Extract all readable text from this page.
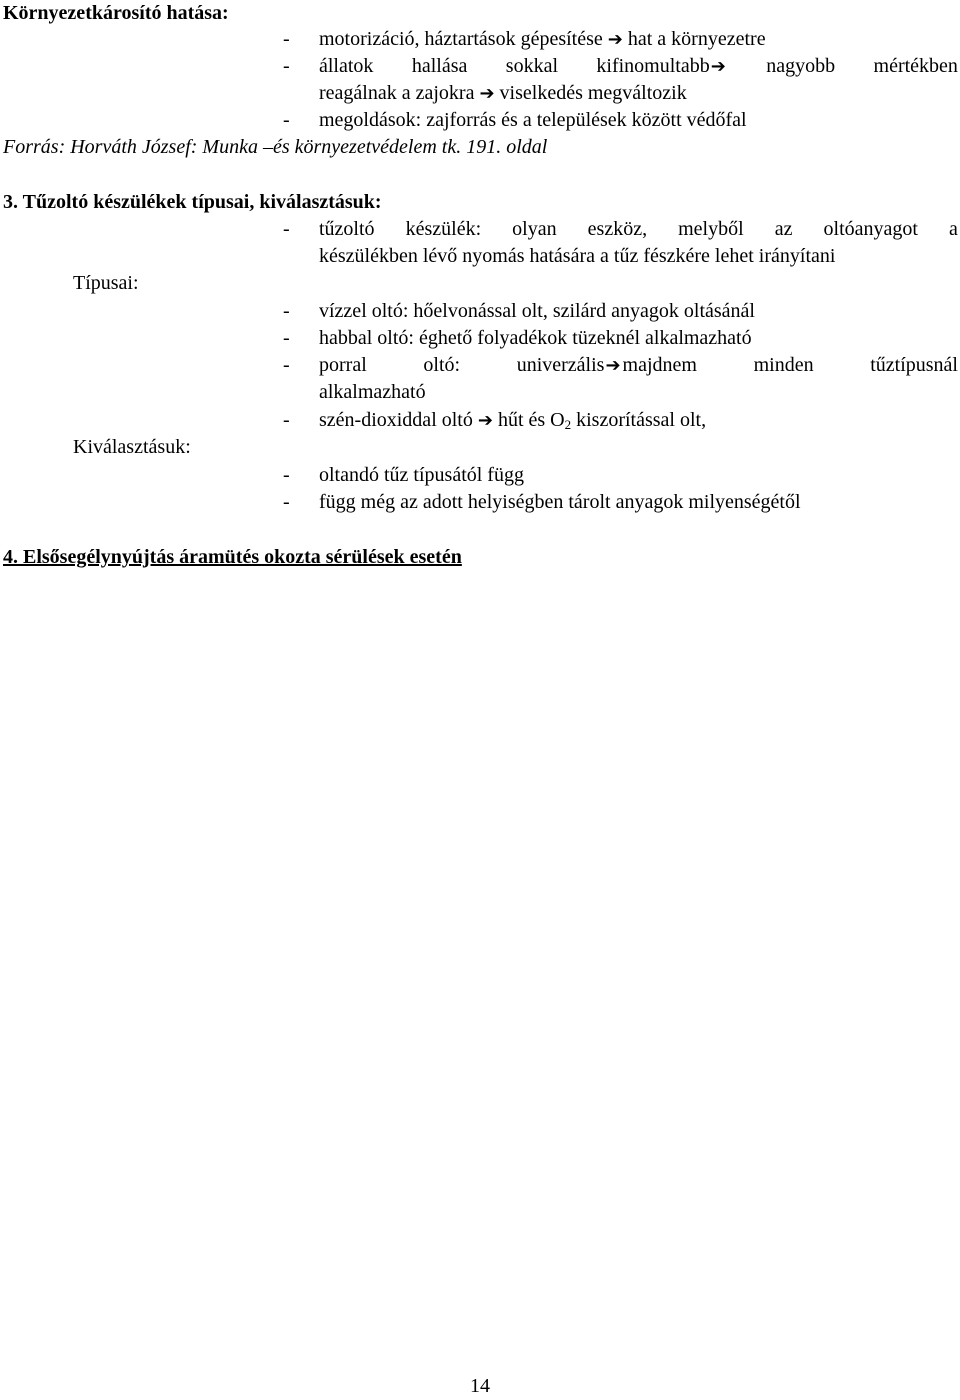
Környezetkárosító hatása:
- motorizáció, háztartások gépesítése ➔ hat a környezetre
- állatok hallása sokkal kifinomultabb➔ nagyobb mértékben
reagálnak a zajokra ➔ viselkedés megváltozik
- megoldások: zajforrás és a települések között védőfal
Forrás: Horváth József: Munka –és környezetvédelem tk. 191. oldal
3. Tűzoltó készülékek típusai, kiválasztásuk:
- tűzoltó készülék: olyan eszköz, melyből az oltóanyagot a
készülékben lévő nyomás hatására a tűz fészkére lehet irányítani
Típusai:
- vízzel oltó: hőelvonással olt, szilárd anyagok oltásánál
- habbal oltó: éghető folyadékok tüzeknél alkalmazható
- porral	oltó:	univerzális➔ majdnem	minden	tűztípusnál
alkalmazható
- szén-dioxiddal oltó ➔ hűt és $O_2$ kiszorítással olt,
Kiválasztásuk:
- oltandó tűz típusától függ
- függ még az adott helyiségben tárolt anyagok milyenségétől
4. Elsősegélynyújtás áramütés okozta sérülések esetén
14
